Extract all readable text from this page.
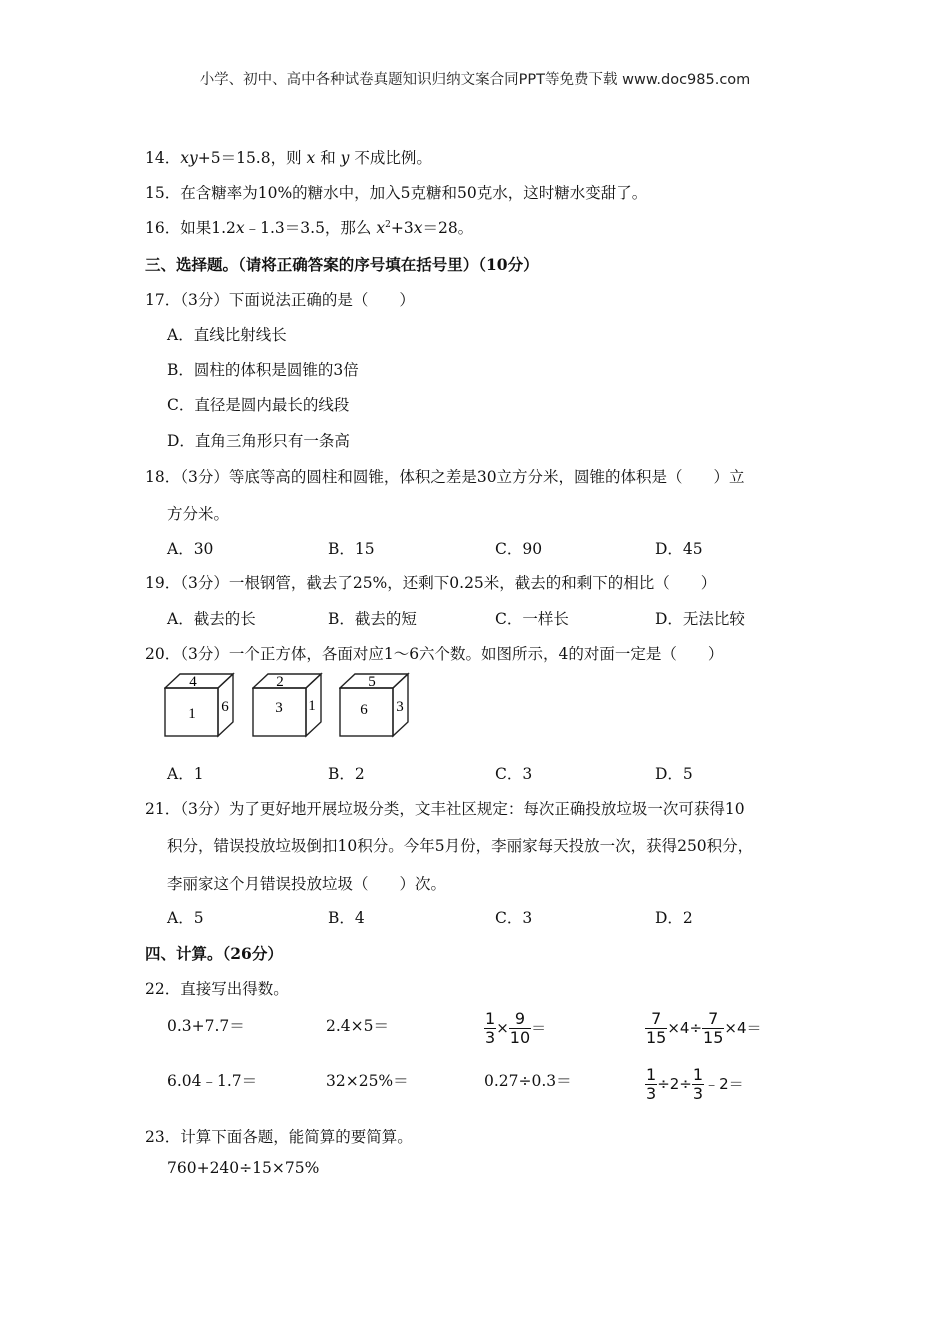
小学、初中、高中各种试卷真题知识归纳文案合同PPT等免费下载 www.doc985.com
14．xy+5＝15.8，则 x 和 y 不成比例。
15．在含糖率为10%的糖水中，加入5克糖和50克水，这时糖水变甜了。
16．如果1.2x﹣1.3＝3.5，那么 $x^2+3x=28$。
三、选择题。（请将正确答案的序号填在括号里）（10分）
17．（3分）下面说法正确的是（　　）
A．直线比射线长
B．圆柱的体积是圆锥的3倍
C．直径是圆内最长的线段
D．直角三角形只有一条高
18．（3分）等底等高的圆柱和圆锥，体积之差是30立方分米，圆锥的体积是（　　）立
方分米。
A．30	B．15	C．90	D．45
19．（3分）一根钢管，截去了25%，还剩下0.25米，截去的和剩下的相比（　　）
A．截去的长	B．截去的短	C．一样长	D．无法比较
20．（3分）一个正方体，各面对应1～6六个数。如图所示，4的对面一定是（　　）
4
1 6
2
3 1
5
6 3
A．1	B．2	C．3	D．5
21．（3分）为了更好地开展垃圾分类，文丰社区规定：每次正确投放垃圾一次可获得10
积分，错误投放垃圾倒扣10积分。今年5月份，李丽家每天投放一次，获得250积分，
李丽家这个月错误投放垃圾（　　）次。
A．5	B．4	C．3	D．2
四、计算。（26分）
22．直接写出得数。
0.3+7.7＝	2.4×5＝	$\frac{1}{3} \times \frac{9}{10}$ ＝	$\frac{7}{15} \times 4\div \frac{7}{15} \times 4=$
6.04﹣1.7＝	32×25%＝	0.27÷0.3＝	$\frac{1}{3} \div 2\div \frac{1}{3}$ ﹣2＝
23．计算下面各题，能简算的要简算。
760+240÷15×75%
